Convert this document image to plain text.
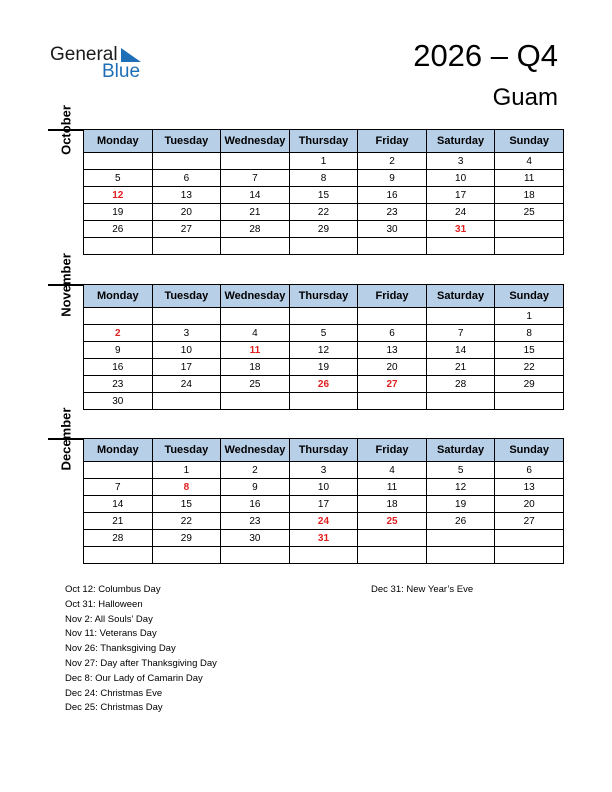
General
Blue	2026 – Q4
Guam
October Monday	Tuesday	Wednesday	Thursday	Friday	Saturday	Sunday
			1	2	3	4
5	6	7	8	9	10	11
12	13	14	15	16	17	18
19	20	21	22	23	24	25
26	27	28	29	30	31	

November Monday	Tuesday	Wednesday	Thursday	Friday	Saturday	Sunday
						1
2	3	4	5	6	7	8
9	10	11	12	13	14	15
16	17	18	19	20	21	22
23	24	25	26	27	28	29
30						
December Monday	Tuesday	Wednesday	Thursday	Friday	Saturday	Sunday
	1	2	3	4	5	6
7	8	9	10	11	12	13
14	15	16	17	18	19	20
21	22	23	24	25	26	27
28	29	30	31			

Oct 12: Columbus Day
Oct 31: Halloween
Nov 2: All Souls’ Day
Nov 11: Veterans Day
Nov 26: Thanksgiving Day
Nov 27: Day after Thanksgiving Day
Dec 8: Our Lady of Camarin Day
Dec 24: Christmas Eve
Dec 25: Christmas Day
Dec 31: New Year’s Eve
